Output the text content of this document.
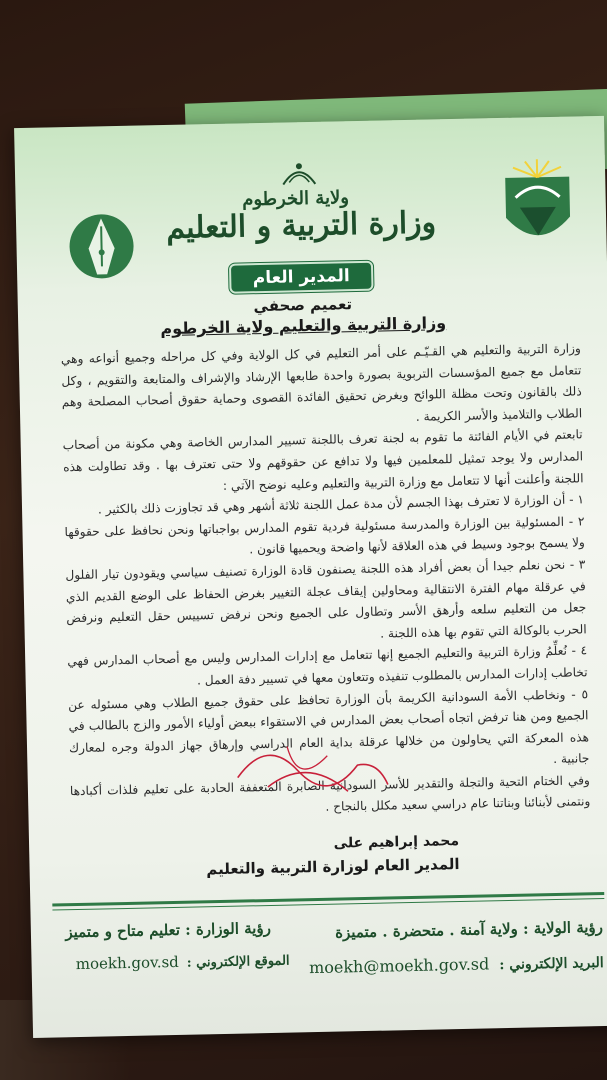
ولاية الخرطوم
وزارة التربية و التعليم
المدير العام
تعميم صحفي
وزارة التربية والتعليم ولاية الخرطوم

وزارة التربية والتعليم هي القـيّـم على أمر التعليم في كل الولاية وفي كل مراحله وجميع أنواعه وهي تتعامل مع جميع المؤسسات التربوية بصورة واحدة طابعها الإرشاد والإشراف والمتابعة والتقويم ، وكل ذلك بالقانون وتحت مظلة اللوائح وبغرض تحقيق الفائدة القصوى وحماية حقوق أصحاب المصلحة وهم الطلاب والتلاميذ والأسر الكريمة .

تابعتم في الأيام الفائتة ما تقوم به لجنة تعرف باللجنة تسيير المدارس الخاصة وهي مكونة من أصحاب المدارس ولا يوجد تمثيل للمعلمين فيها ولا تدافع عن حقوقهم ولا حتى تعترف بها . وقد تطاولت هذه اللجنة وأعلنت أنها لا تتعامل مع وزارة التربية والتعليم وعليه نوضح الآتي :

١ - أن الوزارة لا تعترف بهذا الجسم لأن مدة عمل اللجنة ثلاثة أشهر وهي قد تجاوزت ذلك بالكثير .

٢ - المسئولية بين الوزارة والمدرسة مسئولية فردية تقوم المدارس بواجباتها ونحن نحافظ على حقوقها ولا يسمح بوجود وسيط في هذه العلاقة لأنها واضحة ويحميها قانون .

٣ - نحن نعلم جيدا أن بعض أفراد هذه اللجنة يصنفون قادة الوزارة تصنيف سياسي ويقودون تيار الفلول في عرقلة مهام الفترة الانتقالية ومحاولين إيقاف عجلة التغيير بغرض الحفاظ على الوضع القديم الذي جعل من التعليم سلعه وأرهق الأسر وتطاول على الجميع ونحن نرفض تسييس حقل التعليم ونرفض الحرب بالوكالة التي تقوم بها هذه اللجنة .

٤ - نُعلِّمُ وزارة التربية والتعليم الجميع إنها تتعامل مع إدارات المدارس وليس مع أصحاب المدارس فهي تخاطب إدارات المدارس بالمطلوب تنفيذه وتتعاون معها في تسيير دفة العمل .

٥ - ونخاطب الأمة السودانية الكريمة بأن الوزارة تحافظ على حقوق جميع الطلاب وهي مسئوله عن الجميع ومن هنا ترفض اتجاه أصحاب بعض المدارس في الاستقواء ببعض أولياء الأمور والزج بالطالب في هذه المعركة التي يحاولون من خلالها عرقلة بداية العام الدراسي وإرهاق جهاز الدولة وجره لمعارك جانبية .

وفي الختام التحية والتجلة والتقدير للأسر السودانية الصابرة المتعففة الحادبة على تعليم فلذات أكبادها ونتمنى لأبنائنا وبناتنا عام دراسي سعيد مكلل بالنجاح .

محمد إبراهيم على
المدير العام لوزارة التربية والتعليم
رؤية الولاية : ولاية آمنة . متحضرة . متميزة
رؤية الوزارة : تعليم متاح و متميز
البريد الإلكتروني :
moekh@moekh.gov.sd
الموقع الإلكتروني :
moekh.gov.sd
